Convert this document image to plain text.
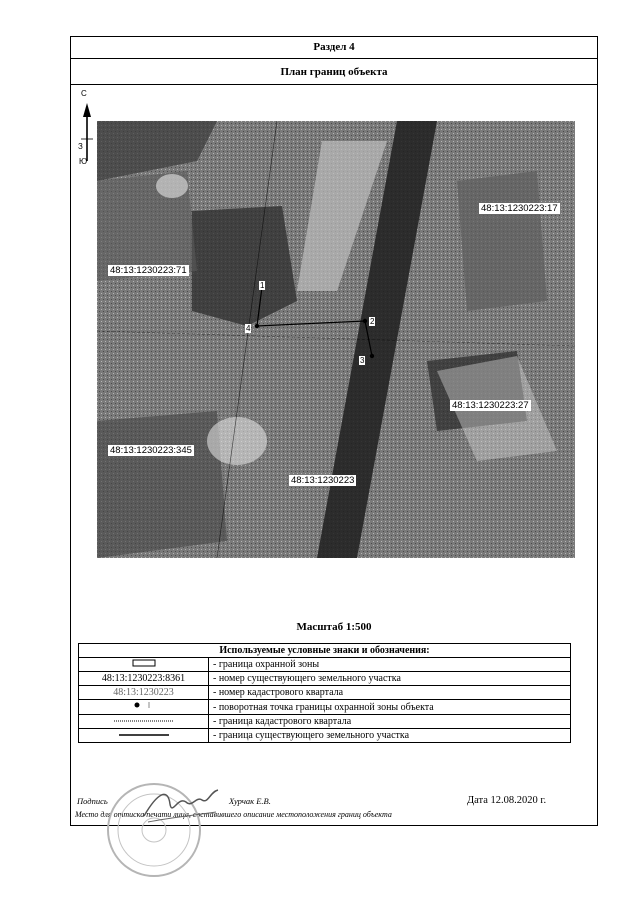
Раздел 4
План границ объекта
С
З
Ю
48:13:1230223:17
48:13:1230223:71
48:13:1230223:27
48:13:1230223:345
48:13:1230223
1
4
2
3
Масштаб 1:500
Используемые условные знаки и обозначения:	
	- граница охранной зоны
48:13:1230223:8361	- номер существующего земельного участка
48:13:1230223	- номер кадастрового квартала
	- поворотная точка границы охранной зоны объекта
	- граница кадастрового квартала
	- граница существующего земельного участка
Подпись	Хурчак Е.В.	Дата 12.08.2020 г.
Место для оттиска печати лица, составившего описание местоположения границ объекта
